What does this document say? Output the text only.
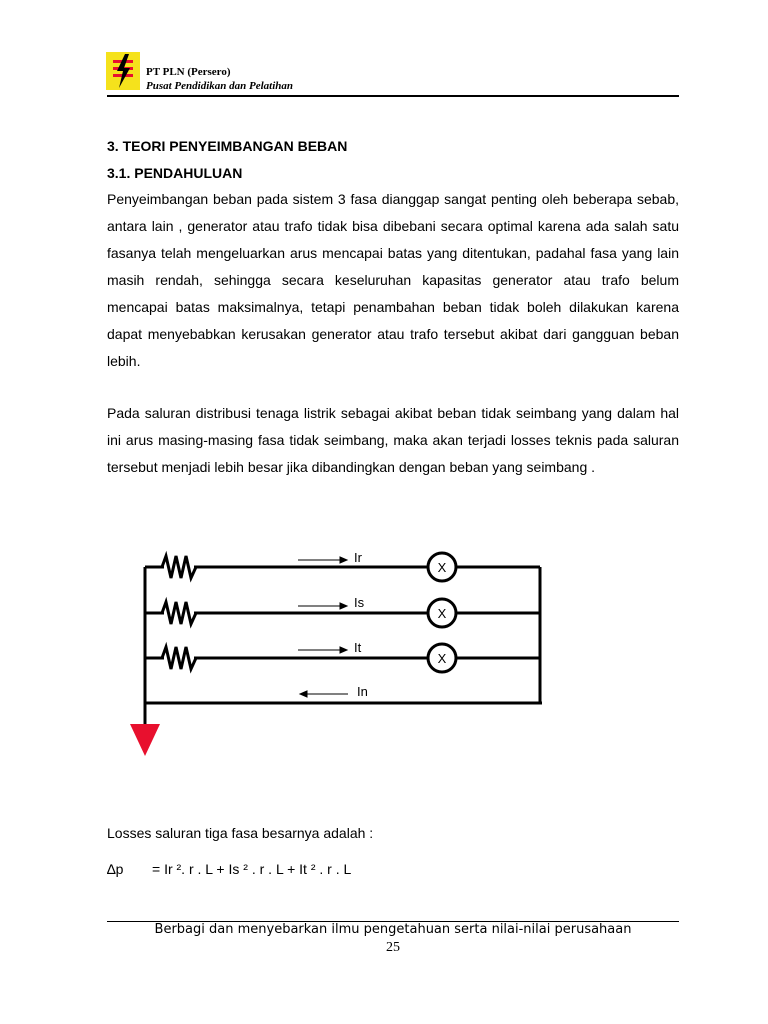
PT PLN (Persero)
Pusat Pendidikan dan Pelatihan
3. TEORI PENYEIMBANGAN BEBAN
3.1. PENDAHULUAN

Penyeimbangan beban pada sistem 3 fasa dianggap sangat penting oleh beberapa sebab, antara lain , generator atau trafo tidak bisa dibebani secara optimal karena ada salah satu fasanya telah mengeluarkan arus mencapai batas yang ditentukan, padahal fasa yang lain masih rendah, sehingga secara keseluruhan kapasitas generator atau trafo belum mencapai batas maksimalnya, tetapi penambahan beban tidak boleh dilakukan karena dapat menyebabkan kerusakan generator atau trafo tersebut akibat dari gangguan beban lebih.

Pada saluran distribusi tenaga listrik sebagai akibat beban tidak seimbang yang dalam hal ini arus masing-masing fasa tidak seimbang, maka akan terjadi losses teknis pada saluran tersebut menjadi lebih besar jika dibandingkan dengan beban yang seimbang .

X
X
X
Ir
Is
It
In
Losses saluran tiga fasa besarnya adalah :
∆p = Ir ². r . L + Is ² . r . L + It ² . r . L
Berbagi dan menyebarkan ilmu pengetahuan serta nilai-nilai perusahaan
25
